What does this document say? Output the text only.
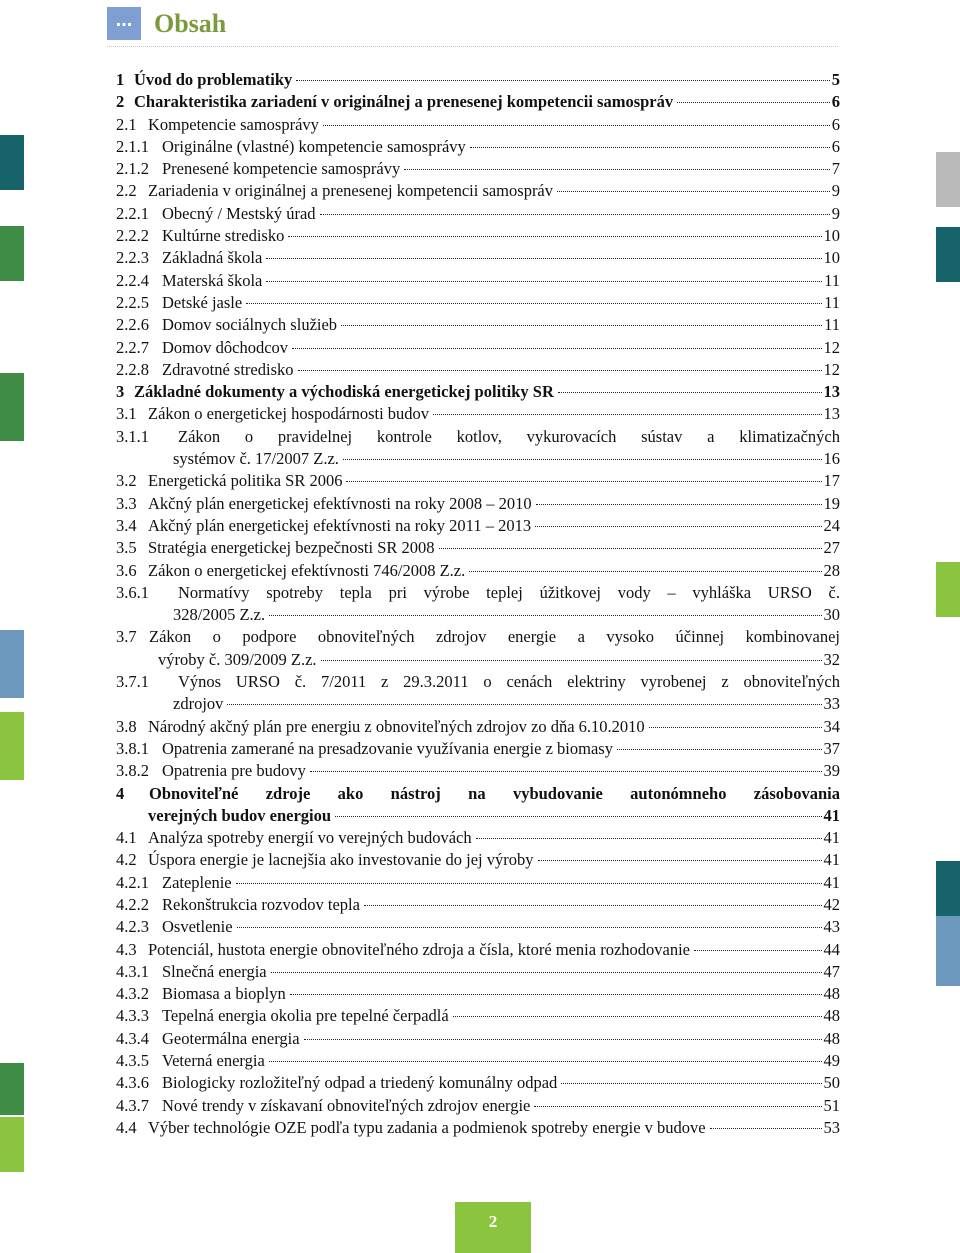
... Obsah
1 Úvod do problematiky	5
2 Charakteristika zariadení v originálnej a prenesenej kompetencii samospráv	6
2.1 Kompetencie samosprávy	6
2.1.1 Originálne (vlastné) kompetencie samosprávy	6
2.1.2 Prenesené kompetencie samosprávy	7
2.2 Zariadenia v originálnej a prenesenej kompetencii samospráv	9
2.2.1 Obecný / Mestský úrad	9
2.2.2 Kultúrne stredisko	10
2.2.3 Základná škola	10
2.2.4 Materská škola	11
2.2.5 Detské jasle	11
2.2.6 Domov sociálnych služieb	11
2.2.7 Domov dôchodcov	12
2.2.8 Zdravotné stredisko	12
3 Základné dokumenty a východiská energetickej politiky SR	13
3.1 Zákon o energetickej hospodárnosti budov	13
3.1.1 Zákon o pravidelnej kontrole kotlov, vykurovacích sústav a klimatizačných
systémov č. 17/2007 Z.z.	16
3.2 Energetická politika SR 2006	17
3.3 Akčný plán energetickej efektívnosti na roky 2008 – 2010	19
3.4 Akčný plán energetickej efektívnosti na roky 2011 – 2013	24
3.5 Stratégia energetickej bezpečnosti SR 2008	27
3.6 Zákon o energetickej efektívnosti 746/2008 Z.z.	28
3.6.1 Normatívy spotreby tepla pri výrobe teplej úžitkovej vody – vyhláška URSO č.
328/2005 Z.z.	30
3.7 Zákon o podpore obnoviteľných zdrojov energie a vysoko účinnej kombinovanej
výroby č. 309/2009 Z.z.	32
3.7.1 Výnos URSO č. 7/2011 z 29.3.2011 o cenách elektriny vyrobenej z obnoviteľných
zdrojov	33
3.8 Národný akčný plán pre energiu z obnoviteľných zdrojov zo dňa 6.10.2010	34
3.8.1 Opatrenia zamerané na presadzovanie využívania energie z biomasy	37
3.8.2 Opatrenia pre budovy	39
4 Obnoviteľné zdroje ako nástroj na vybudovanie autonómneho zásobovania
verejných budov energiou	41
4.1 Analýza spotreby energií vo verejných budovách	41
4.2 Úspora energie je lacnejšia ako investovanie do jej výroby	41
4.2.1 Zateplenie	41
4.2.2 Rekonštrukcia rozvodov tepla	42
4.2.3 Osvetlenie	43
4.3 Potenciál, hustota energie obnoviteľného zdroja a čísla, ktoré menia rozhodovanie	44
4.3.1 Slnečná energia	47
4.3.2 Biomasa a bioplyn	48
4.3.3 Tepelná energia okolia pre tepelné čerpadlá	48
4.3.4 Geotermálna energia	48
4.3.5 Veterná energia	49
4.3.6 Biologicky rozložiteľný odpad a triedený komunálny odpad	50
4.3.7 Nové trendy v získavaní obnoviteľných zdrojov energie	51
4.4 Výber technológie OZE podľa typu zadania a podmienok spotreby energie v budove	53
2
